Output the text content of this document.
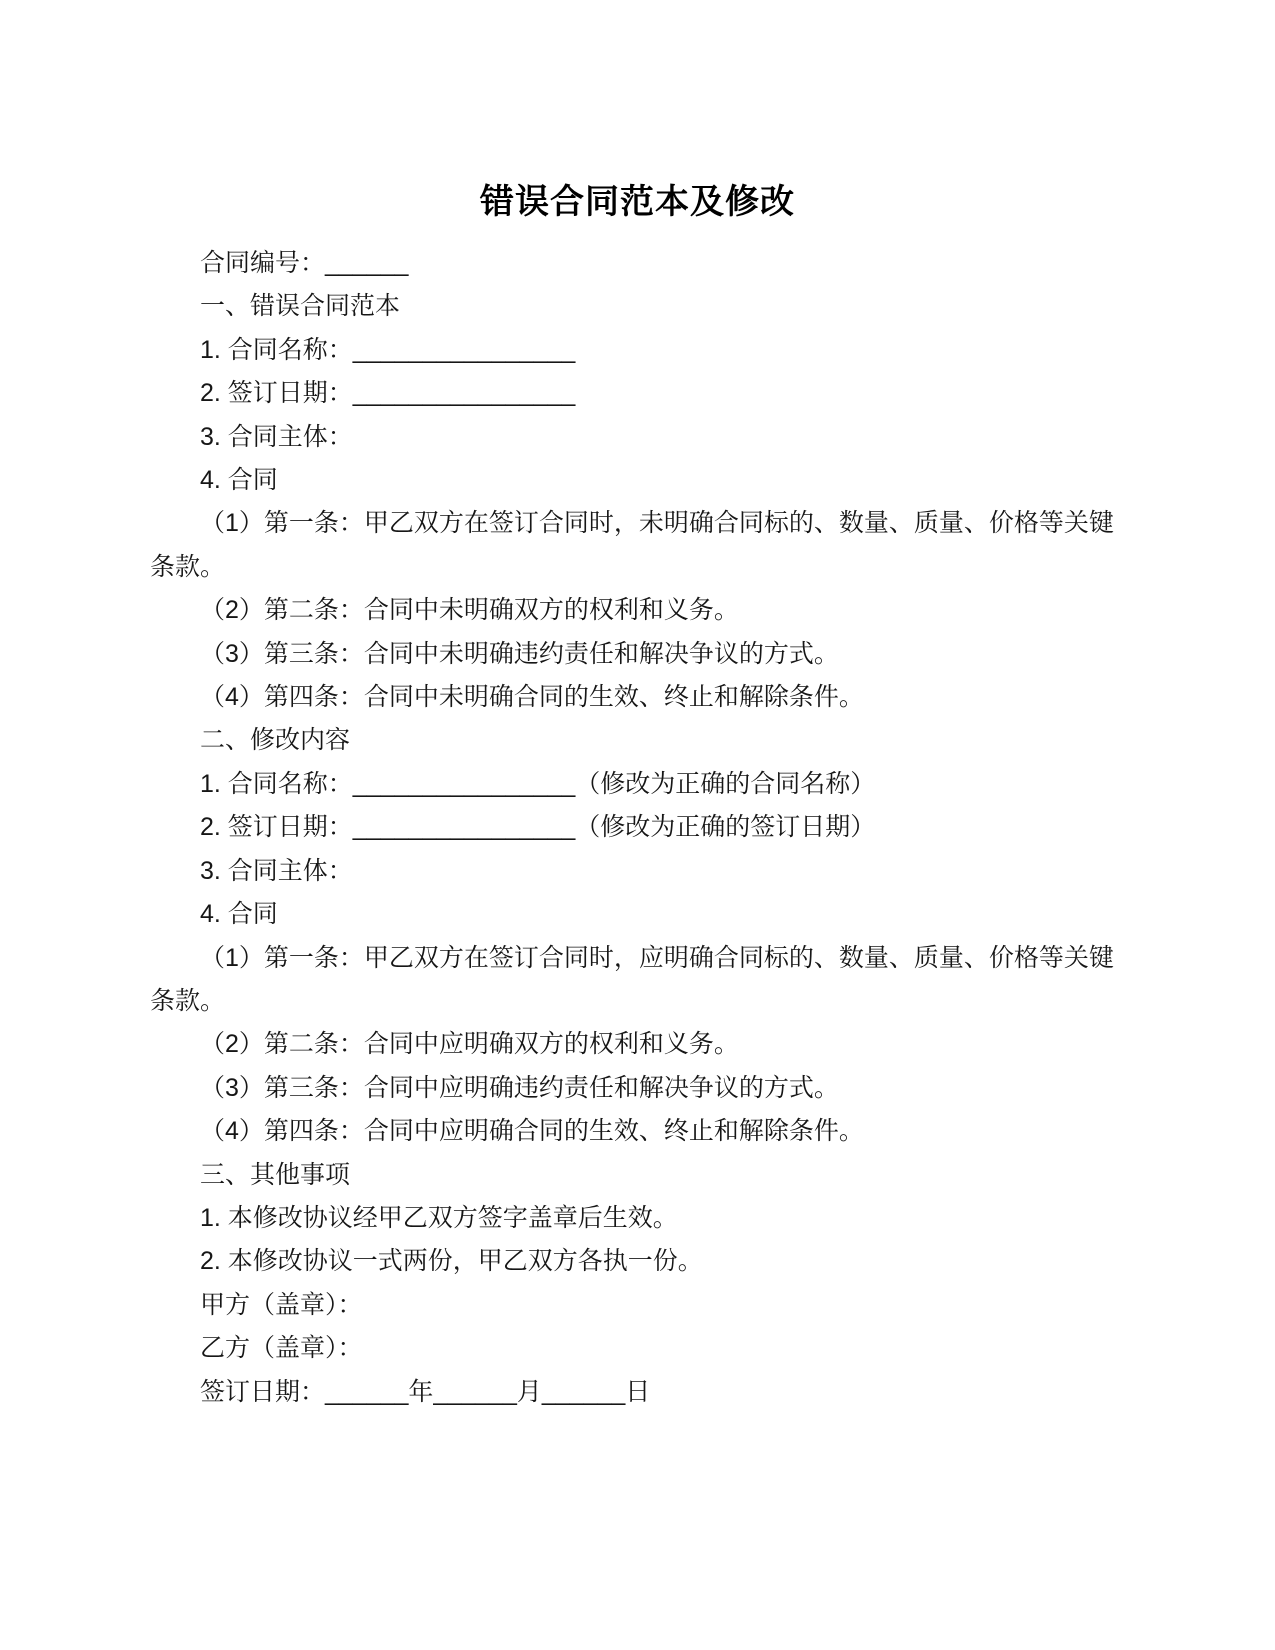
错误合同范本及修改
合同编号：______
一、错误合同范本
1. 合同名称：________________
2. 签订日期：________________
3. 合同主体：
4. 合同
（1）第一条：甲乙双方在签订合同时，未明确合同标的、数量、质量、价格等关键
条款。
（2）第二条：合同中未明确双方的权利和义务。
（3）第三条：合同中未明确违约责任和解决争议的方式。
（4）第四条：合同中未明确合同的生效、终止和解除条件。
二、修改内容
1. 合同名称：________________（修改为正确的合同名称）
2. 签订日期：________________（修改为正确的签订日期）
3. 合同主体：
4. 合同
（1）第一条：甲乙双方在签订合同时，应明确合同标的、数量、质量、价格等关键
条款。
（2）第二条：合同中应明确双方的权利和义务。
（3）第三条：合同中应明确违约责任和解决争议的方式。
（4）第四条：合同中应明确合同的生效、终止和解除条件。
三、其他事项
1. 本修改协议经甲乙双方签字盖章后生效。
2. 本修改协议一式两份，甲乙双方各执一份。
甲方（盖章）：
乙方（盖章）：
签订日期：______年______月______日
